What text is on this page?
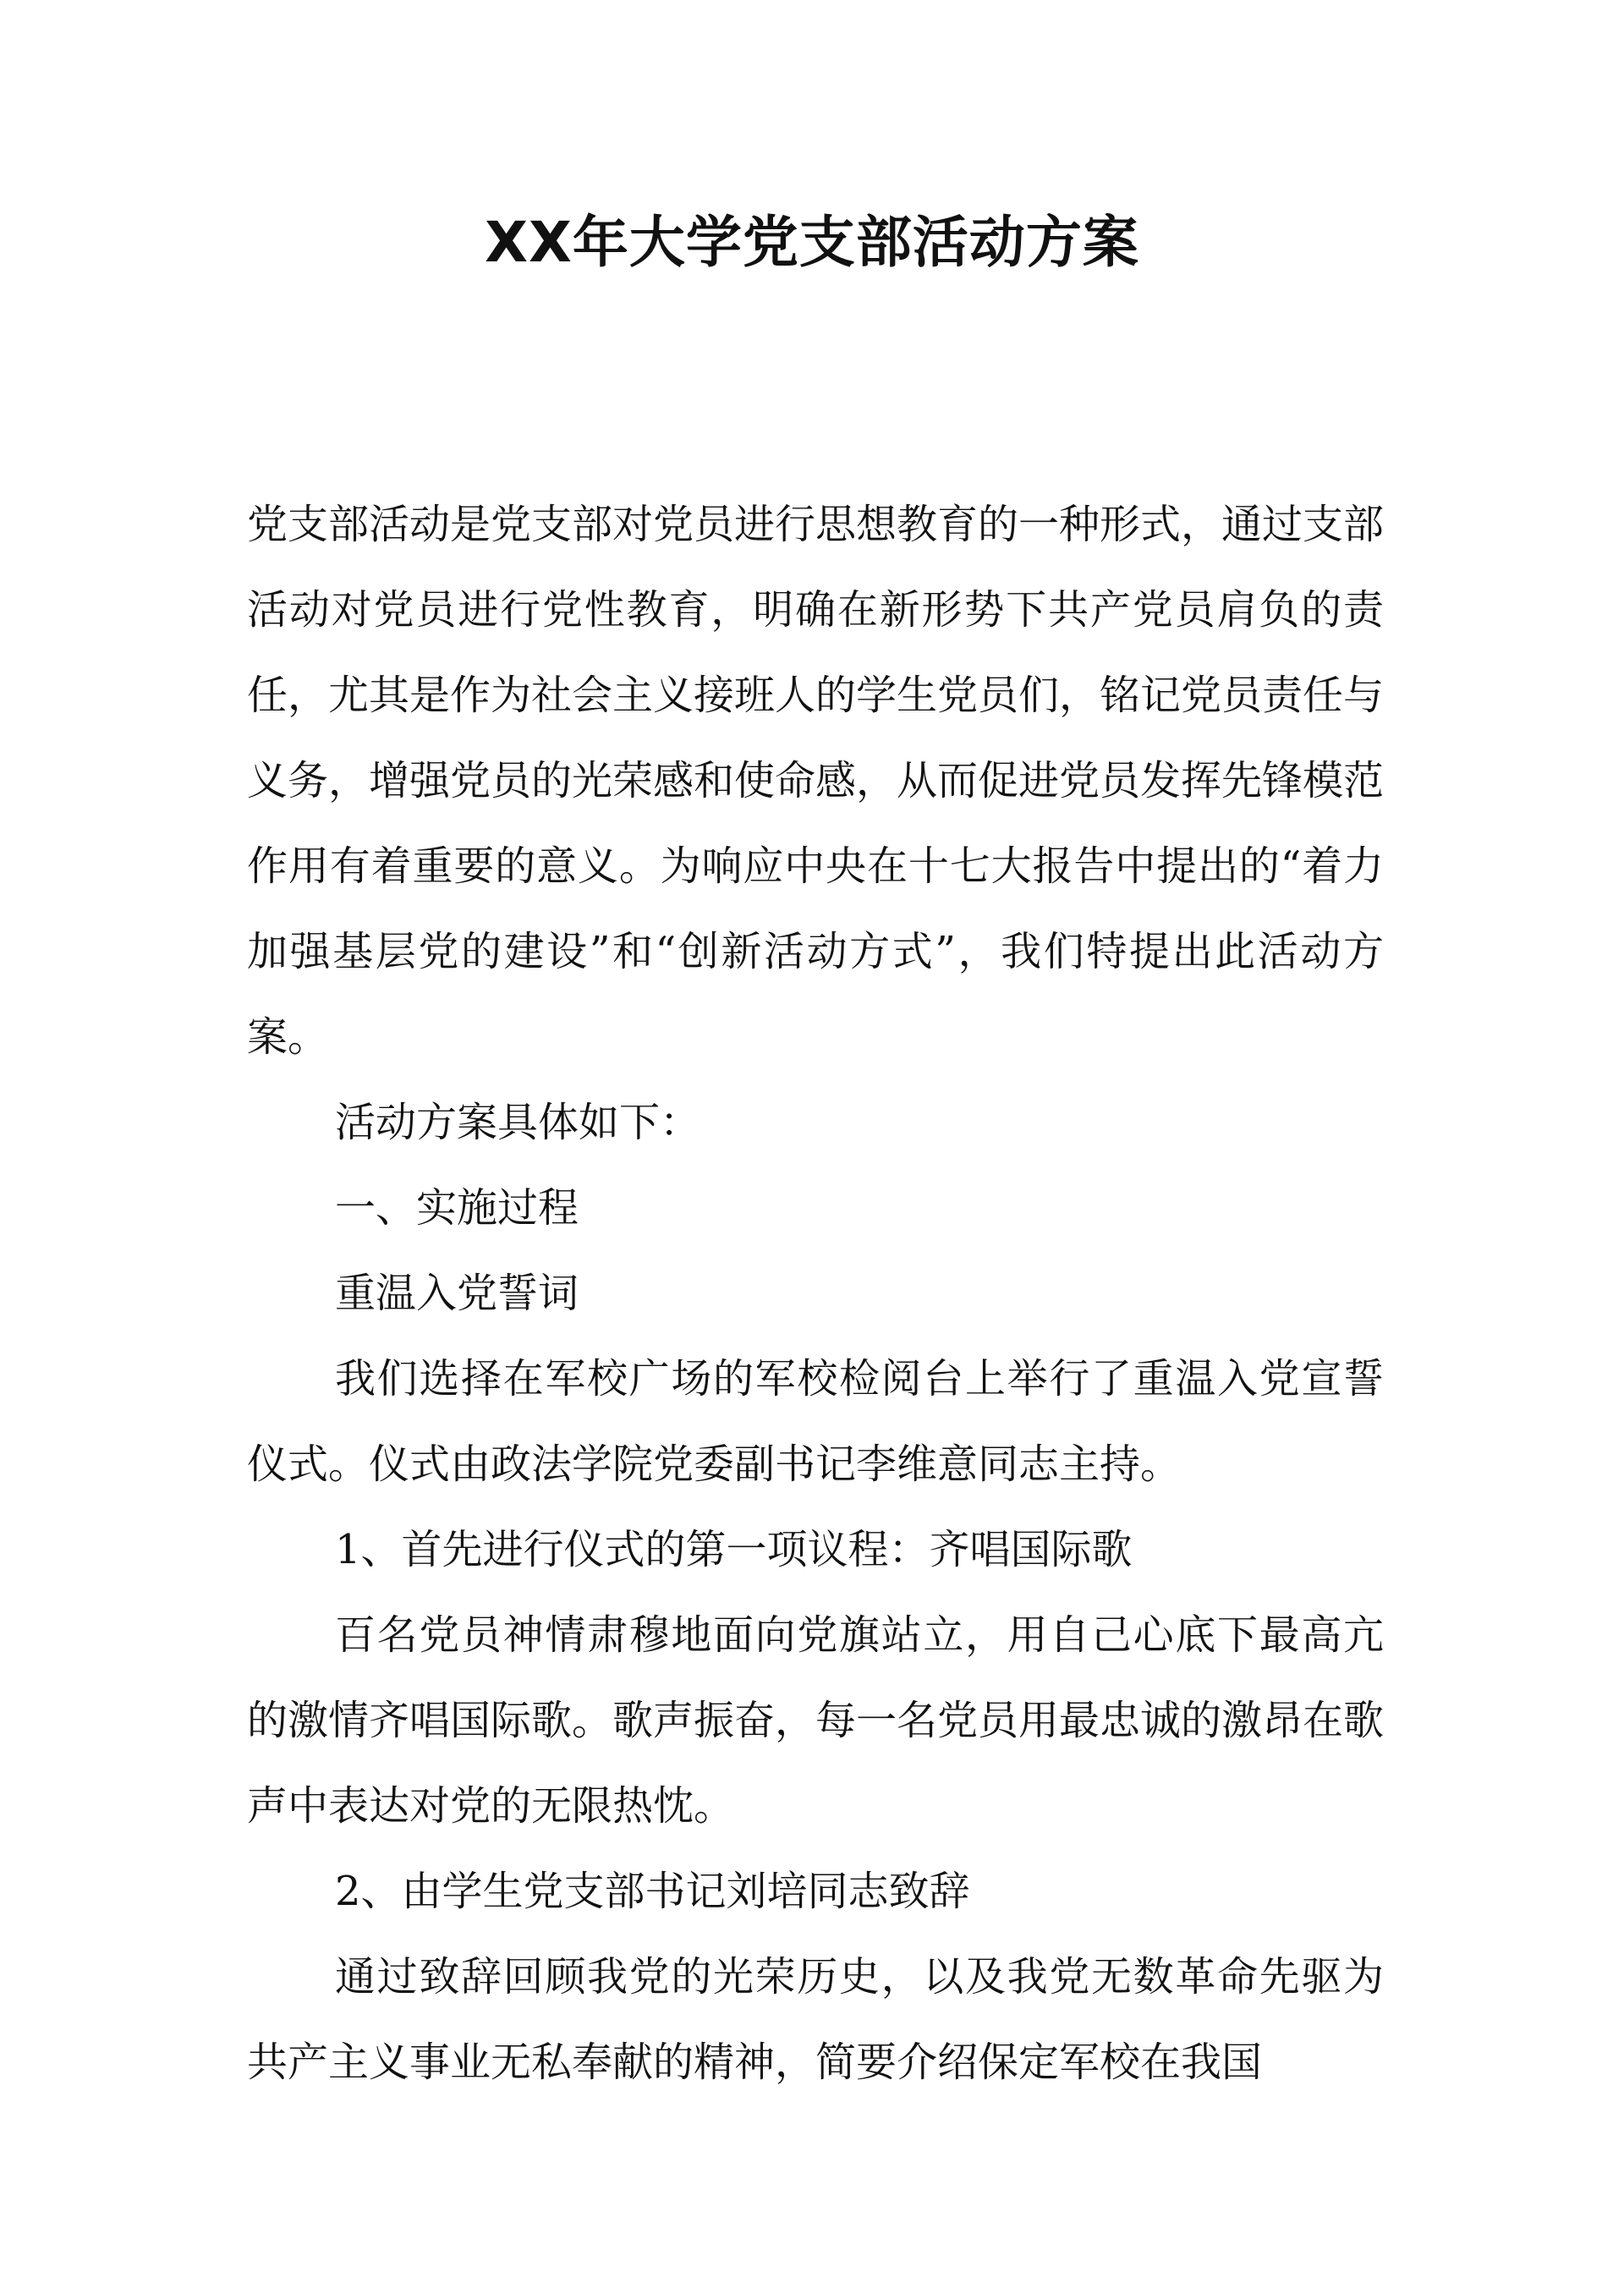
XX年大学党支部活动方案

党支部活动是党支部对党员进行思想教育的一种形式，通过支部活动对党员进行党性教育，明确在新形势下共产党员肩负的责任，尤其是作为社会主义接班人的学生党员们，铭记党员责任与义务，增强党员的光荣感和使命感，从而促进党员发挥先锋模范作用有着重要的意义。为响应中央在十七大报告中提出的“着力加强基层党的建设”和“创新活动方式”，我们特提出此活动方案。

活动方案具体如下：

一、实施过程

重温入党誓词

我们选择在军校广场的军校检阅台上举行了重温入党宣誓仪式。仪式由政法学院党委副书记李维意同志主持。

1、首先进行仪式的第一项议程：齐唱国际歌

百名党员神情肃穆地面向党旗站立，用自己心底下最高亢的激情齐唱国际歌。歌声振奋，每一名党员用最忠诚的激昂在歌声中表达对党的无限热忱。

2、由学生党支部书记刘培同志致辞

通过致辞回顾我党的光荣历史，以及我党无数革命先驱为共产主义事业无私奉献的精神，简要介绍保定军校在我国
